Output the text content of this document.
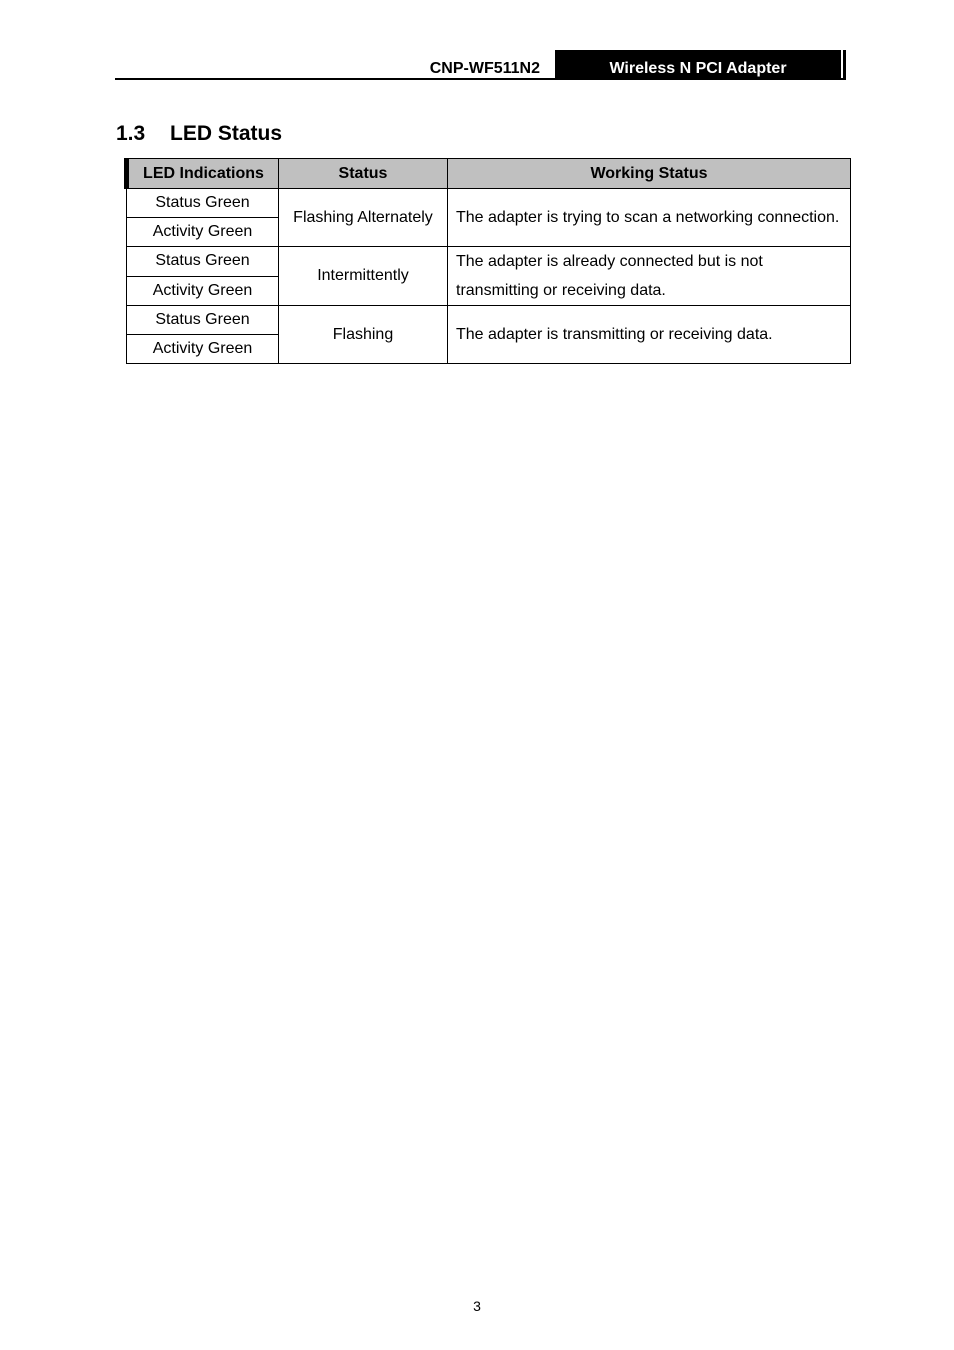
CNP-WF511N2	Wireless N PCI Adapter
1.3 LED Status
LED Indications	Status	Working Status
Status Green	Flashing Alternately	The adapter is trying to scan a networking connection.
Activity Green		
Status Green	Intermittently	The adapter is already connected but is not transmitting or receiving data.
Activity Green		
Status Green	Flashing	The adapter is transmitting or receiving data.
Activity Green		
3
